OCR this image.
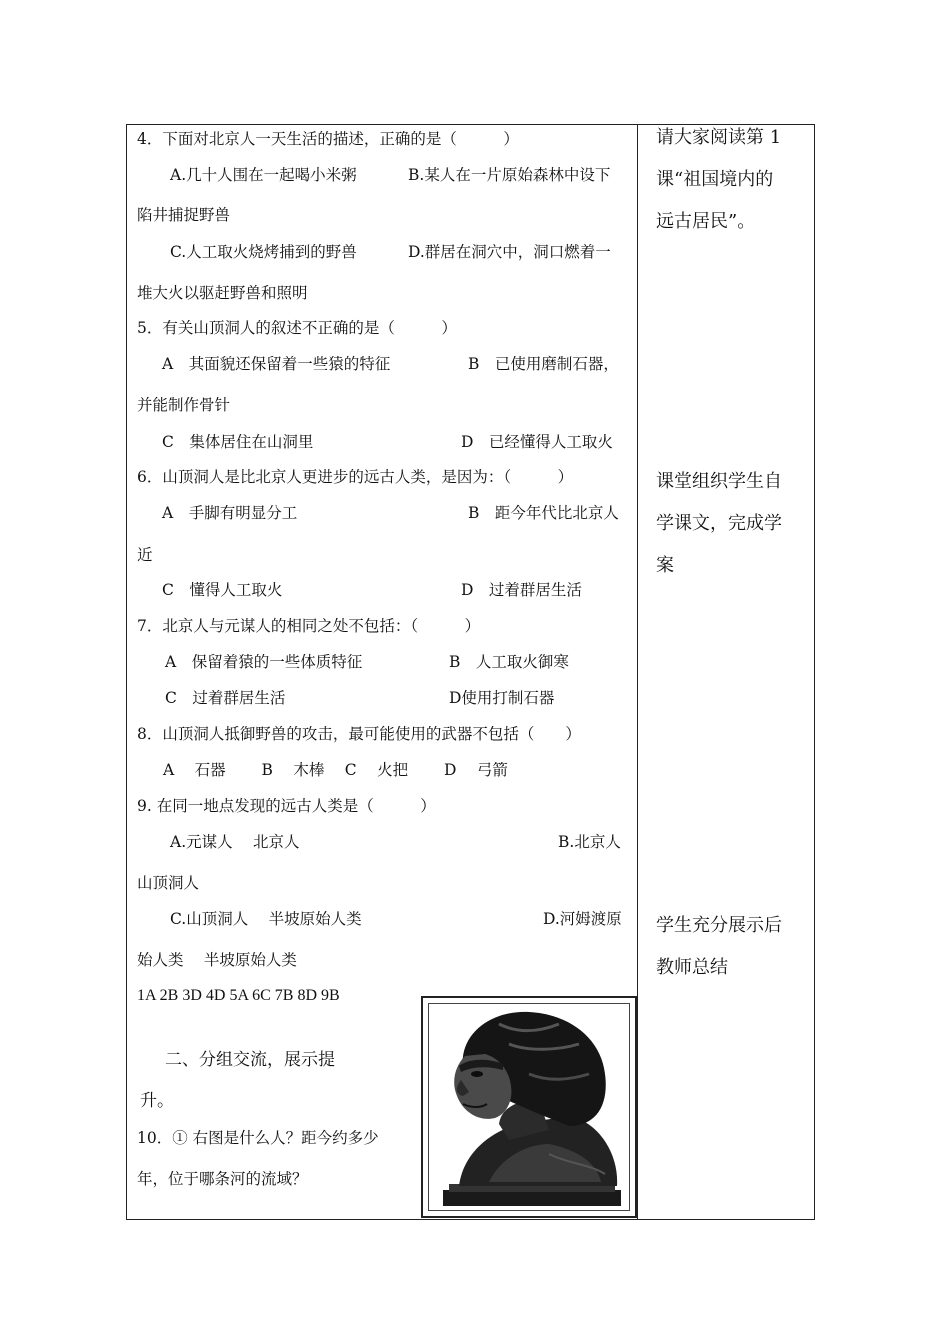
4．下面对北京人一天生活的描述，正确的是（　　　）
A.几十人围在一起喝小米粥	B.某人在一片原始森林中设下
陷井捕捉野兽
C.人工取火烧烤捕到的野兽	D.群居在洞穴中，洞口燃着一
堆大火以驱赶野兽和照明
5．有关山顶洞人的叙述不正确的是（　　　）
A　其面貌还保留着一些猿的特征	B　已使用磨制石器，
并能制作骨针
C　集体居住在山洞里	D　已经懂得人工取火
6．山顶洞人是比北京人更进步的远古人类，是因为：（　　　）
A　手脚有明显分工	B　距今年代比北京人
近
C　懂得人工取火	D　过着群居生活
7．北京人与元谋人的相同之处不包括：（　　　）
A　保留着猿的一些体质特征	B　人工取火御寒
C　过着群居生活	D使用打制石器
8．山顶洞人抵御野兽的攻击，最可能使用的武器不包括（　　）
A　 石器　　 B　 木棒　 C　 火把　　 D　 弓箭
9. 在同一地点发现的远古人类是（　　　）
A.元谋人　 北京人	B.北京人
山顶洞人
C.山顶洞人　 半坡原始人类	D.河姆渡原
始人类　 半坡原始人类
1A 2B 3D 4D 5A 6C 7B 8D 9B
二、分组交流，展示提
升。
10．① 右图是什么人？距今约多少
年，位于哪条河的流域？
请大家阅读第 1
课“祖国境内的
远古居民”。
课堂组织学生自
学课文，完成学
案
学生充分展示后
教师总结
